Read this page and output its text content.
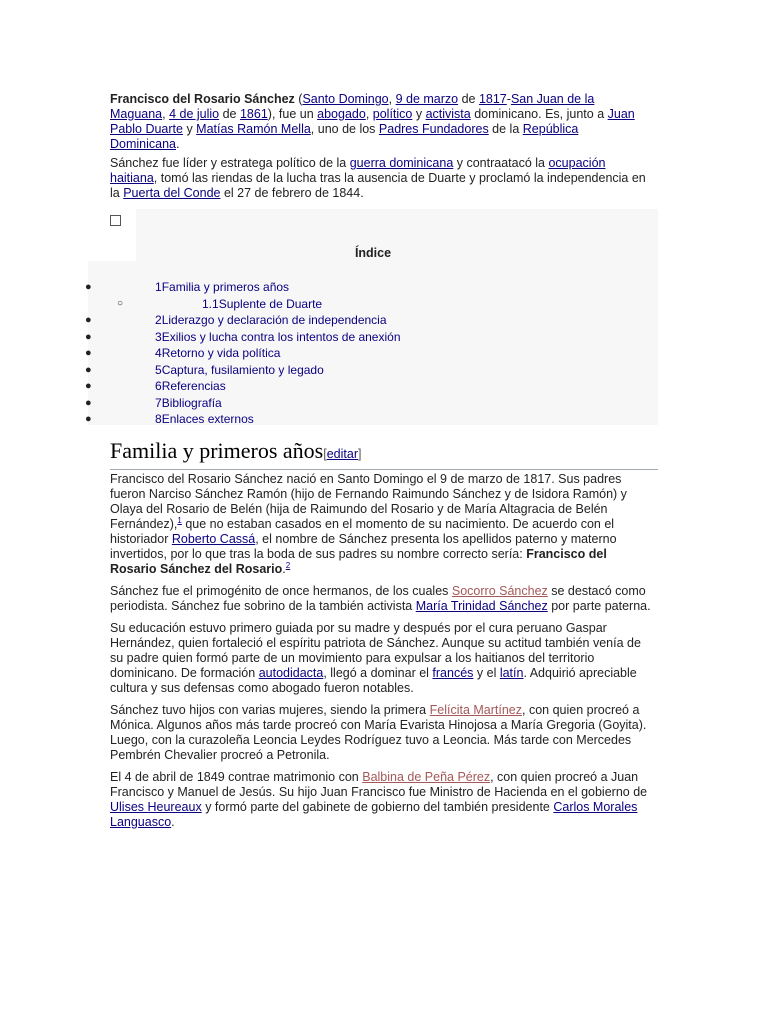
Francisco del Rosario Sánchez (Santo Domingo, 9 de marzo de 1817-San Juan de la Maguana, 4 de julio de 1861), fue un abogado, político y activista dominicano. Es, junto a Juan Pablo Duarte y Matías Ramón Mella, uno de los Padres Fundadores de la República Dominicana.

Sánchez fue líder y estratega político de la guerra dominicana y contraatacó la ocupación haitiana, tomó las riendas de la lucha tras la ausencia de Duarte y proclamó la independencia en la Puerta del Conde el 27 de febrero de 1844.

Índice
●	1Familia y primeros años
○	1.1Suplente de Duarte
●	2Liderazgo y declaración de independencia
●	3Exilios y lucha contra los intentos de anexión
●	4Retorno y vida política
●	5Captura, fusilamiento y legado
●	6Referencias
●	7Bibliografía
●	8Enlaces externos
Familia y primeros años[editar]

Francisco del Rosario Sánchez nació en Santo Domingo el 9 de marzo de 1817. Sus padres fueron Narciso Sánchez Ramón (hijo de Fernando Raimundo Sánchez y de Isidora Ramón) y Olaya del Rosario de Belén (hija de Raimundo del Rosario y de María Altagracia de Belén Fernández),$^1$ que no estaban casados en el momento de su nacimiento. De acuerdo con el historiador Roberto Cassá, el nombre de Sánchez presenta los apellidos paterno y materno invertidos, por lo que tras la boda de sus padres su nombre correcto sería: Francisco del Rosario Sánchez del Rosario.$^2$

Sánchez fue el primogénito de once hermanos, de los cuales Socorro Sánchez se destacó como periodista. Sánchez fue sobrino de la también activista María Trinidad Sánchez por parte paterna.

Su educación estuvo primero guiada por su madre y después por el cura peruano Gaspar Hernández, quien fortaleció el espíritu patriota de Sánchez. Aunque su actitud también venía de su padre quien formó parte de un movimiento para expulsar a los haitianos del territorio dominicano. De formación autodidacta, llegó a dominar el francés y el latín. Adquirió apreciable cultura y sus defensas como abogado fueron notables.

Sánchez tuvo hijos con varias mujeres, siendo la primera Felícita Martínez, con quien procreó a Mónica. Algunos años más tarde procreó con María Evarista Hinojosa a María Gregoria (Goyita). Luego, con la curazoleña Leoncia Leydes Rodríguez tuvo a Leoncia. Más tarde con Mercedes Pembrén Chevalier procreó a Petronila.

El 4 de abril de 1849 contrae matrimonio con Balbina de Peña Pérez, con quien procreó a Juan Francisco y Manuel de Jesús. Su hijo Juan Francisco fue Ministro de Hacienda en el gobierno de Ulises Heureaux y formó parte del gabinete de gobierno del también presidente Carlos Morales Languasco.
